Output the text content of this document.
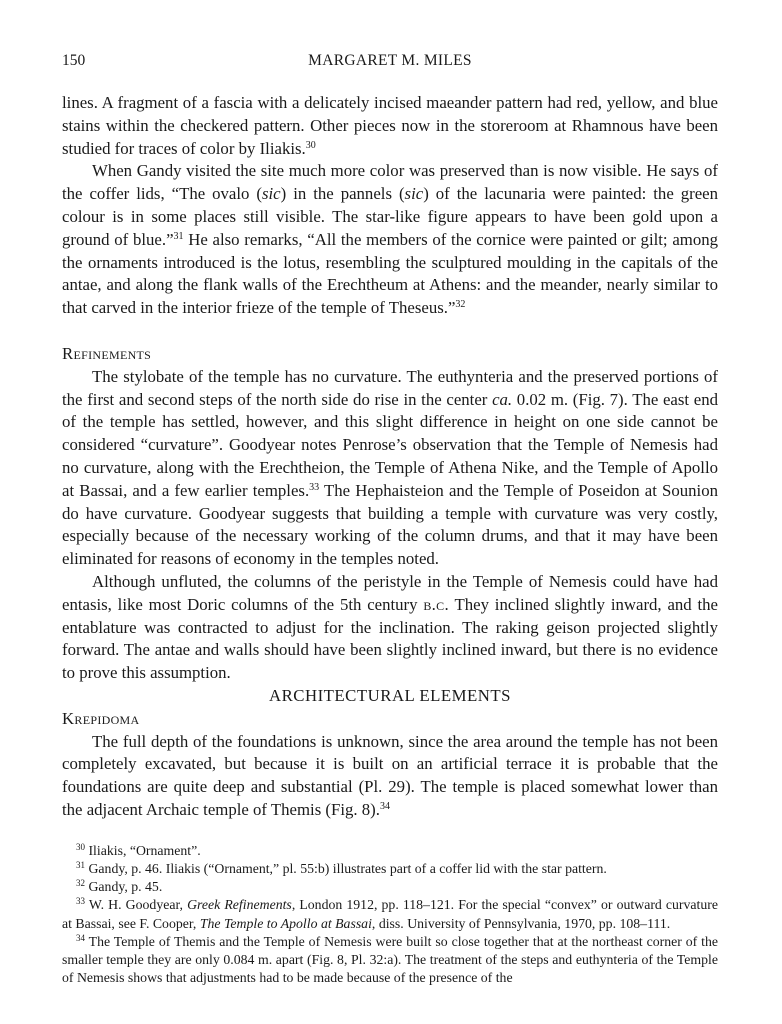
150	MARGARET M. MILES

lines. A fragment of a fascia with a delicately incised maeander pattern had red, yellow, and blue stains within the checkered pattern. Other pieces now in the storeroom at Rhamnous have been studied for traces of color by Iliakis.$^{30}$

When Gandy visited the site much more color was preserved than is now visible. He says of the coffer lids, “The ovalo (sic) in the pannels (sic) of the lacunaria were painted: the green colour is in some places still visible. The star-like figure appears to have been gold upon a ground of blue.”$^{31}$ He also remarks, “All the members of the cornice were painted or gilt; among the ornaments introduced is the lotus, resembling the sculptured moulding in the capitals of the antae, and along the flank walls of the Erechtheum at Athens: and the meander, nearly similar to that carved in the interior frieze of the temple of Theseus.”$^{32}$

Refinements

The stylobate of the temple has no curvature. The euthynteria and the preserved portions of the first and second steps of the north side do rise in the center ca. 0.02 m. (Fig. 7). The east end of the temple has settled, however, and this slight difference in height on one side cannot be considered “curvature”. Goodyear notes Penrose’s observation that the Temple of Nemesis had no curvature, along with the Erechtheion, the Temple of Athena Nike, and the Temple of Apollo at Bassai, and a few earlier temples.$^{33}$ The Hephaisteion and the Temple of Poseidon at Sounion do have curvature. Goodyear suggests that building a temple with curvature was very costly, especially because of the necessary working of the column drums, and that it may have been eliminated for reasons of economy in the temples noted.

Although unfluted, the columns of the peristyle in the Temple of Nemesis could have had entasis, like most Doric columns of the 5th century b.c. They inclined slightly inward, and the entablature was contracted to adjust for the inclination. The raking geison projected slightly forward. The antae and walls should have been slightly inclined inward, but there is no evidence to prove this assumption.

ARCHITECTURAL ELEMENTS

Krepidoma

The full depth of the foundations is unknown, since the area around the temple has not been completely excavated, but because it is built on an artificial terrace it is probable that the foundations are quite deep and substantial (Pl. 29). The temple is placed somewhat lower than the adjacent Archaic temple of Themis (Fig. 8).$^{34}$

$^{30}$ Iliakis, “Ornament”.

$^{31}$ Gandy, p. 46. Iliakis (“Ornament,” pl. 55:b) illustrates part of a coffer lid with the star pattern.

$^{32}$ Gandy, p. 45.

$^{33}$ W. H. Goodyear, Greek Refinements, London 1912, pp. 118–121. For the special “convex” or outward curvature at Bassai, see F. Cooper, The Temple to Apollo at Bassai, diss. University of Pennsylvania, 1970, pp. 108–111.

$^{34}$ The Temple of Themis and the Temple of Nemesis were built so close together that at the northeast corner of the smaller temple they are only 0.084 m. apart (Fig. 8, Pl. 32:a). The treatment of the steps and euthynteria of the Temple of Nemesis shows that adjustments had to be made because of the presence of the
